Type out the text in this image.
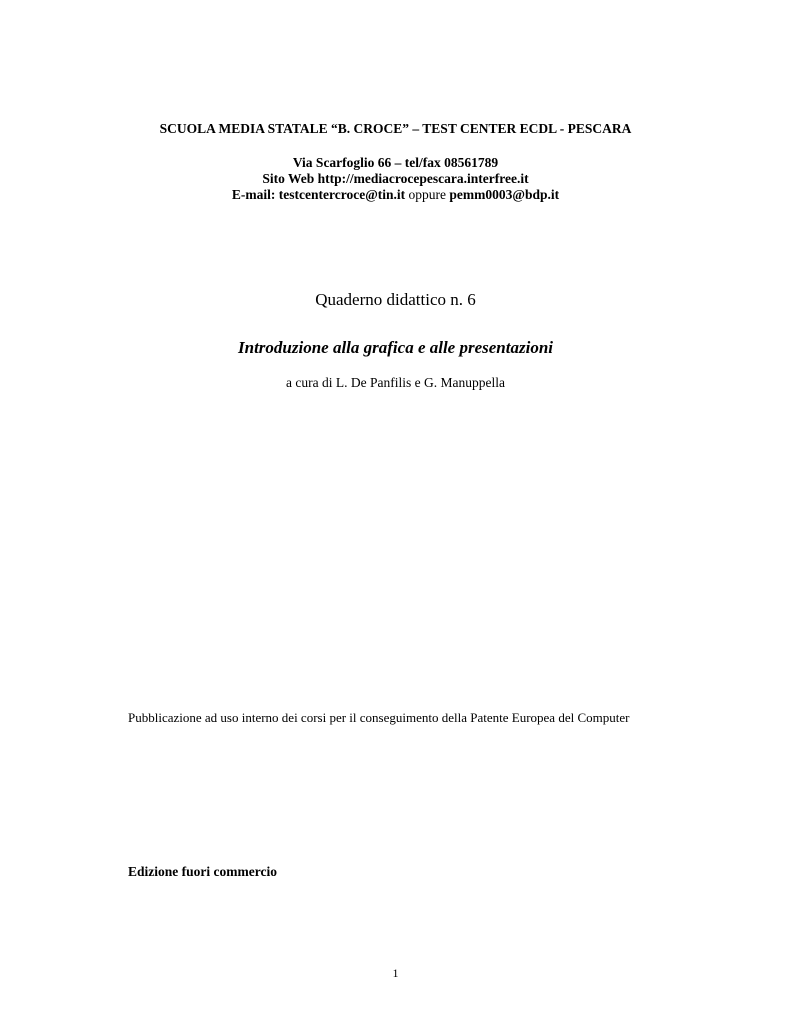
SCUOLA MEDIA STATALE “B. CROCE” – TEST CENTER ECDL - PESCARA
Via Scarfoglio 66 – tel/fax 08561789
Sito Web http://mediacrocepescara.interfree.it
E-mail: testcentercroce@tin.it oppure pemm0003@bdp.it
Quaderno didattico n. 6
Introduzione alla grafica e alle presentazioni
a cura di L. De Panfilis e G. Manuppella
Pubblicazione ad uso interno dei corsi per il conseguimento della Patente Europea del Computer
Edizione fuori commercio
1
